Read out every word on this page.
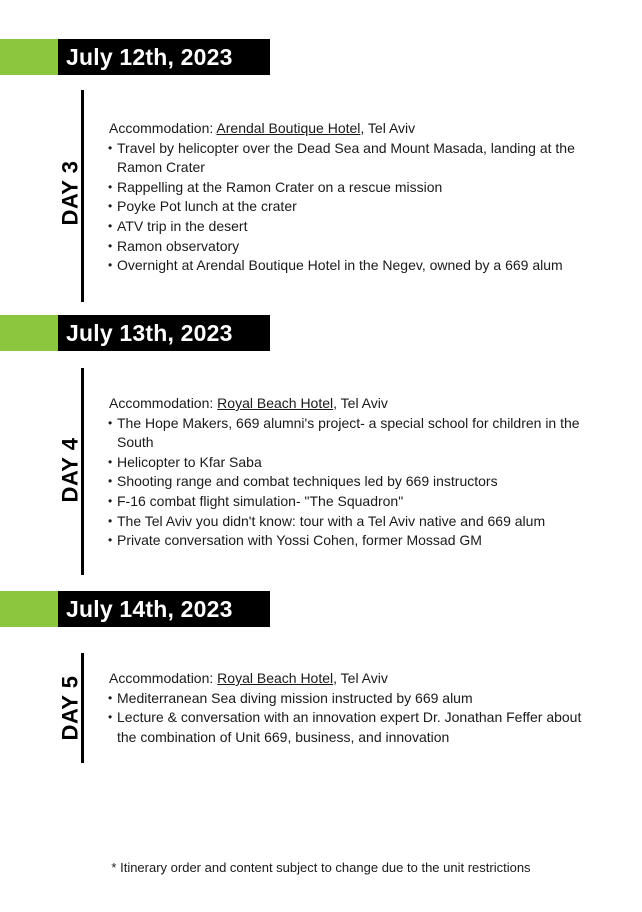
July 12th, 2023
DAY 3
Accommodation: Arendal Boutique Hotel, Tel Aviv
• Travel by helicopter over the Dead Sea and Mount Masada, landing at the Ramon Crater
• Rappelling at the Ramon Crater on a rescue mission
• Poyke Pot lunch at the crater
• ATV trip in the desert
• Ramon observatory
• Overnight at Arendal Boutique Hotel in the Negev, owned by a 669 alum
July 13th, 2023
DAY 4
Accommodation: Royal Beach Hotel, Tel Aviv
• The Hope Makers, 669 alumni's project- a special school for children in the South
• Helicopter to Kfar Saba
• Shooting range and combat techniques led by 669 instructors
• F-16 combat flight simulation- "The Squadron"
• The Tel Aviv you didn't know: tour with a Tel Aviv native and 669 alum
• Private conversation with Yossi Cohen, former Mossad GM
July 14th, 2023
DAY 5 Accommodation: Royal Beach Hotel, Tel Aviv
• Mediterranean Sea diving mission instructed by 669 alum
• Lecture & conversation with an innovation expert Dr. Jonathan Feffer about the combination of Unit 669, business, and innovation
* Itinerary order and content subject to change due to the unit restrictions
